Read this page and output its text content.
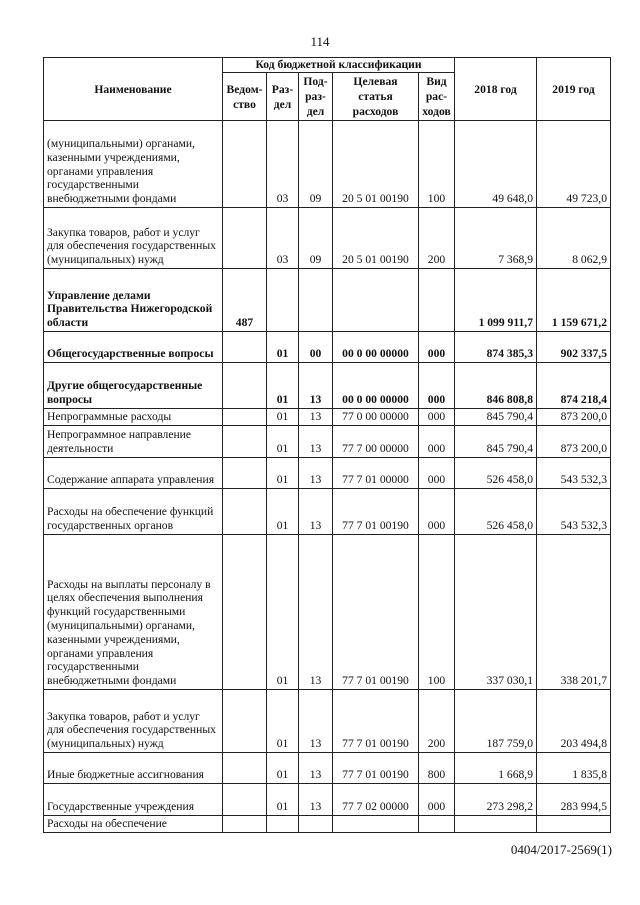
114
Наименование	Код бюджетной классификации					2018 год	2019 год
	Ведом- ство	Раз- дел	Под- раз- дел	Целевая статья расходов	Вид рас- ходов		
(муниципальными) органами, казенными учреждениями, органами управления государственными внебюджетными фондами		03	09	20 5 01 00190	100	49 648,0	49 723,0
Закупка товаров, работ и услуг для обеспечения государственных (муниципальных) нужд		03	09	20 5 01 00190	200	7 368,9	8 062,9
Управление делами Правительства Нижегородской области	487					1 099 911,7	1 159 671,2
Общегосударственные вопросы		01	00	00 0 00 00000	000	874 385,3	902 337,5
Другие общегосударственные вопросы		01	13	00 0 00 00000	000	846 808,8	874 218,4
Непрограммные расходы		01	13	77 0 00 00000	000	845 790,4	873 200,0
Непрограммное направление деятельности		01	13	77 7 00 00000	000	845 790,4	873 200,0
Содержание аппарата управления		01	13	77 7 01 00000	000	526 458,0	543 532,3
Расходы на обеспечение функций государственных органов		01	13	77 7 01 00190	000	526 458,0	543 532,3
Расходы на выплаты персоналу в целях обеспечения выполнения функций государственными (муниципальными) органами, казенными учреждениями, органами управления государственными внебюджетными фондами		01	13	77 7 01 00190	100	337 030,1	338 201,7
Закупка товаров, работ и услуг для обеспечения государственных (муниципальных) нужд		01	13	77 7 01 00190	200	187 759,0	203 494,8
Иные бюджетные ассигнования		01	13	77 7 01 00190	800	1 668,9	1 835,8
Государственные учреждения		01	13	77 7 02 00000	000	273 298,2	283 994,5
Расходы на обеспечение							
0404/2017-2569(1)
